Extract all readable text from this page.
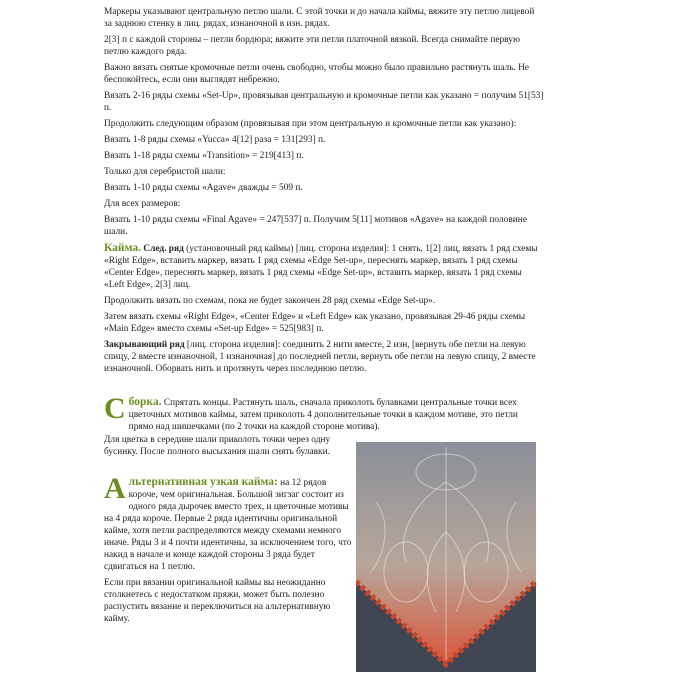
Маркеры указывают центральную петлю шали. С этой точки и до начала каймы, вяжите эту петлю лицевой за заднюю стенку в лиц. рядах, изнаночной в изн. рядах.

2[3] п с каждой стороны – петли бордюра; вяжите эти петли платочной вязкой. Всегда снимайте первую петлю каждого ряда.

Важно вязать снятые кромочные петли очень свободно, чтобы можно было правильно растянуть шаль. Не беспокойтесь, если они выглядят небрежно.

Вязать 2-16 ряды схемы «Set-Up», провязывая центральную и кромочные петли как указано = получим 51[53] п.

Продолжить следующим образом (провязывая при этом центральную и кромочные петли как указано):

Вязать 1-8 ряды схемы «Yucca» 4[12] раза = 131[293] п.

Вязать 1-18 ряды схемы «Transition» = 219[413] п.

Только для серебристой шали:

Вязать 1-10 ряды схемы «Agave» дважды = 509 п.

Для всех размеров:

Вязать 1-10 ряды схемы «Final Agave» = 247[537] п. Получим 5[11] мотивов «Agave» на каждой половине шали.

Кайма. След. ряд (установочный ряд каймы) [лиц. сторона изделия]: 1 снять, 1[2] лиц, вязать 1 ряд схемы «Right Edge», вставить маркер, вязать 1 ряд схемы «Edge Set-up», переснять маркер, вязать 1 ряд схемы «Center Edge», переснять маркер, вязать 1 ряд схемы «Edge Set-up», вставить маркер, вязать 1 ряд схемы «Left Edge», 2[3] лиц.

Продолжить вязать по схемам, пока не будет закончен 28 ряд схемы «Edge Set-up».

Затем вязать схемы «Right Edge», «Center Edge» и «Left Edge» как указано, провязывая 29-46 ряды схемы «Main Edge» вместо схемы «Set-up Edge» = 525[983] п.

Закрывающий ряд [лиц. сторона изделия]: соединить 2 нити вместе, 2 изн, [вернуть обе петли на левую спицу, 2 вместе изнаночной, 1 изнаночная] до последней петли, вернуть обе петли на левую спицу, 2 вместе изнаночной. Оборвать нить и протянуть через последнюю петлю.

С борка. Спрятать концы. Растянуть шаль, сначала приколоть булавками центральные точки всех цветочных мотивов каймы, затем приколоть 4 дополнительные точки в каждом мотиве, это петли прямо над шишечками (по 2 точки на каждой стороне мотива).
Для цветка в середине шали приколоть точки через одну бусинку. После полного высыхания шали снять булавки.
А льтернативная узкая кайма: на 12 рядов короче, чем оригинальная. Большой зигзаг состоит из одного ряда дырочек вместо трех, и цветочные мотивы на 4 ряда короче. Первые 2 ряда идентичны оригинальной кайме, хотя петли распределяются между схемами немного иначе. Ряды 3 и 4 почти идентичны, за исключением того, что накид в начале и конце каждой стороны 3 ряда будет сдвигаться на 1 петлю.

Если при вязании оригинальной каймы вы неожиданно столкнетесь с недостатком пряжи, может быть полезно распустить вязание и переключиться на альтернативную кайму.
